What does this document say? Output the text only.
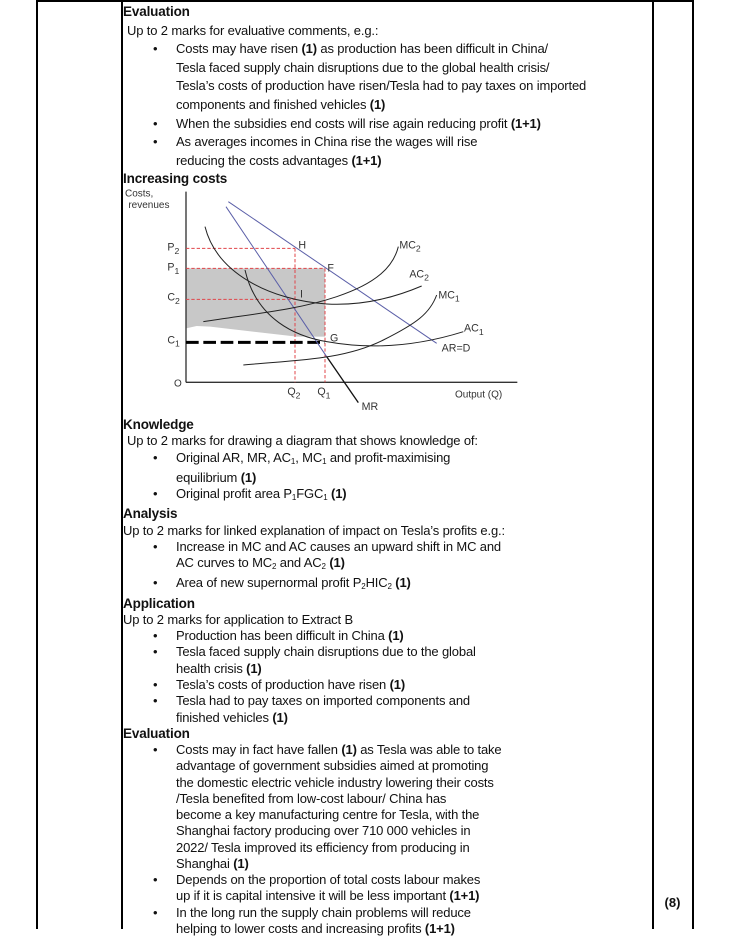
Evaluation
Up to 2 marks for evaluative comments, e.g.:
• Costs may have risen (1) as production has been difficult in China/
Tesla faced supply chain disruptions due to the global health crisis/
Tesla’s costs of production have risen/Tesla had to pay taxes on imported
components and finished vehicles (1)
• When the subsidies end costs will rise again reducing profit (1+1)
• As averages incomes in China rise the wages will rise
reducing the costs advantages (1+1)
Increasing costs
Costs,
revenues
Output (Q)
O
$P_2$
$P_1$
$C_2$
$C_1$
$Q_2$ $Q_1$
H
F
I
G
$MC_2$
$AC_2$
$MC_1$
$AC_1$
AR=D
MR
Knowledge
Up to 2 marks for drawing a diagram that shows knowledge of:
• Original AR, MR, AC1, MC1 and profit-maximising
equilibrium (1)
• Original profit area P1FGC1 (1)
Analysis
Up to 2 marks for linked explanation of impact on Tesla’s profits e.g.:
• Increase in MC and AC causes an upward shift in MC and
AC curves to MC2 and AC2 (1)
• Area of new supernormal profit P2HIC2 (1)
Application
Up to 2 marks for application to Extract B
• Production has been difficult in China (1)
• Tesla faced supply chain disruptions due to the global
health crisis (1)
• Tesla’s costs of production have risen (1)
• Tesla had to pay taxes on imported components and
finished vehicles (1)
Evaluation
• Costs may in fact have fallen (1) as Tesla was able to take
advantage of government subsidies aimed at promoting
the domestic electric vehicle industry lowering their costs
/Tesla benefited from low-cost labour/ China has
become a key manufacturing centre for Tesla, with the
Shanghai factory producing over 710 000 vehicles in
2022/ Tesla improved its efficiency from producing in
Shanghai (1)
• Depends on the proportion of total costs labour makes
up if it is capital intensive it will be less important (1+1)
• In the long run the supply chain problems will reduce
helping to lower costs and increasing profits (1+1)
(8)
